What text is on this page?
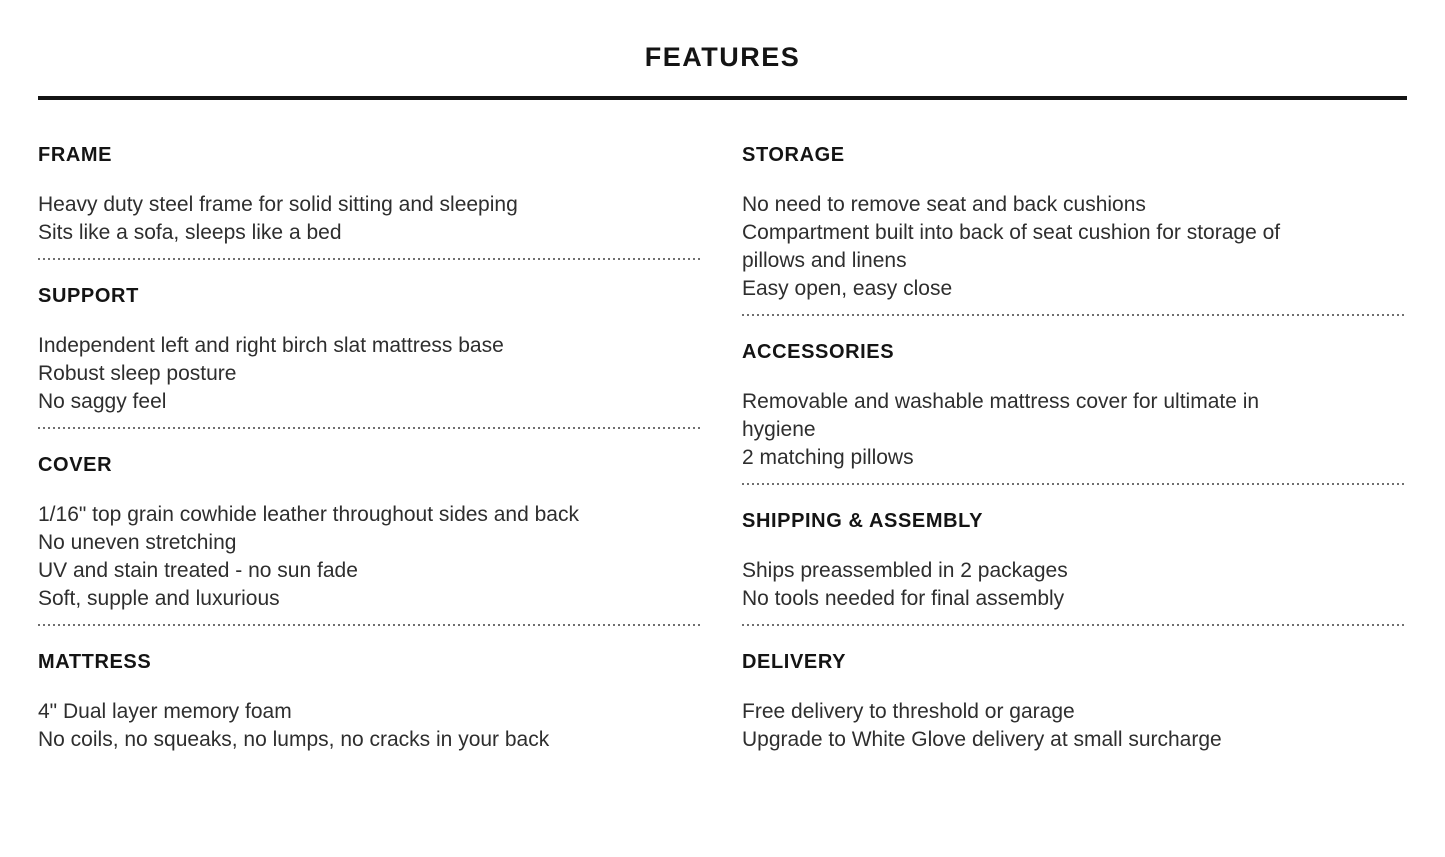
FEATURES
FRAME

Heavy duty steel frame for solid sitting and sleeping

Sits like a sofa, sleeps like a bed

SUPPORT

Independent left and right birch slat mattress base

Robust sleep posture

No saggy feel

COVER

1/16" top grain cowhide leather throughout sides and back

No uneven stretching

UV and stain treated - no sun fade

Soft, supple and luxurious

MATTRESS

4" Dual layer memory foam

No coils, no squeaks, no lumps, no cracks in your back

STORAGE

No need to remove seat and back cushions

Compartment built into back of seat cushion for storage of

pillows and linens

Easy open, easy close

ACCESSORIES

Removable and washable mattress cover for ultimate in

hygiene

2 matching pillows

SHIPPING & ASSEMBLY

Ships preassembled in 2 packages

No tools needed for final assembly

DELIVERY

Free delivery to threshold or garage

Upgrade to White Glove delivery at small surcharge
